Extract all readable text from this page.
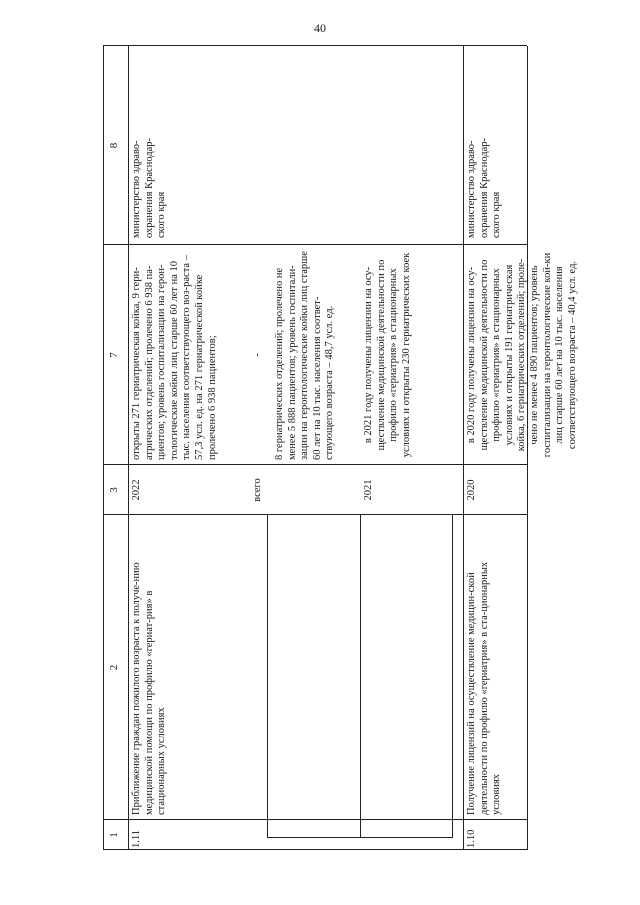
40
1
2
3
7
8
1.11
Приближение граждан пожилого возраста к получе-нию медицинской помощи по профилю «гериат-рия» в стационарных условиях
2022
открыты 271 гериатрическая койка, 9 гери-атрических отделений; пролечено 6 938 па-циентов; уровень госпитализации на герон-тологические койки лиц старше 60 лет на 10 тыс. населения соответствующего воз-раста – 57,3 усл. ед. на 271 гериатрической койке пролечено 6 938 пациентов;
министерство здраво-охранения Краснодар-ского края
всего
- 8 гериатрических отделений; пролечено не менее 5 888 пациентов; уровень госпитали-зации на геронтологические койки лиц старше 60 лет на 10 тыс. населения соответ-ствующего возраста – 48,7 усл. ед.
2021
в 2021 году получены лицензии на осу-ществление медицинской деятельности по профилю «гериатрия» в стационарных условиях и открыты 230 гериатрических коек
1.10
Получение лицензий на осуществление медицин-ской деятельности по профилю «гериатрия» в ста-ционарных условиях
2020
в 2020 году получены лицензии на осу-ществление медицинской деятельности по профилю «гериатрия» в стационарных условиях и открыты 191 гериатрическая койка, 6 гериатрических отделений; проле-чено не менее 4 890 пациентов; уровень госпитализации на геронтологические кой-ки лиц старше 60 лет на 10 тыс. населения соответствующего возраста – 40,4 усл. ед.
министерство здраво-охранения Краснодар-ского края
